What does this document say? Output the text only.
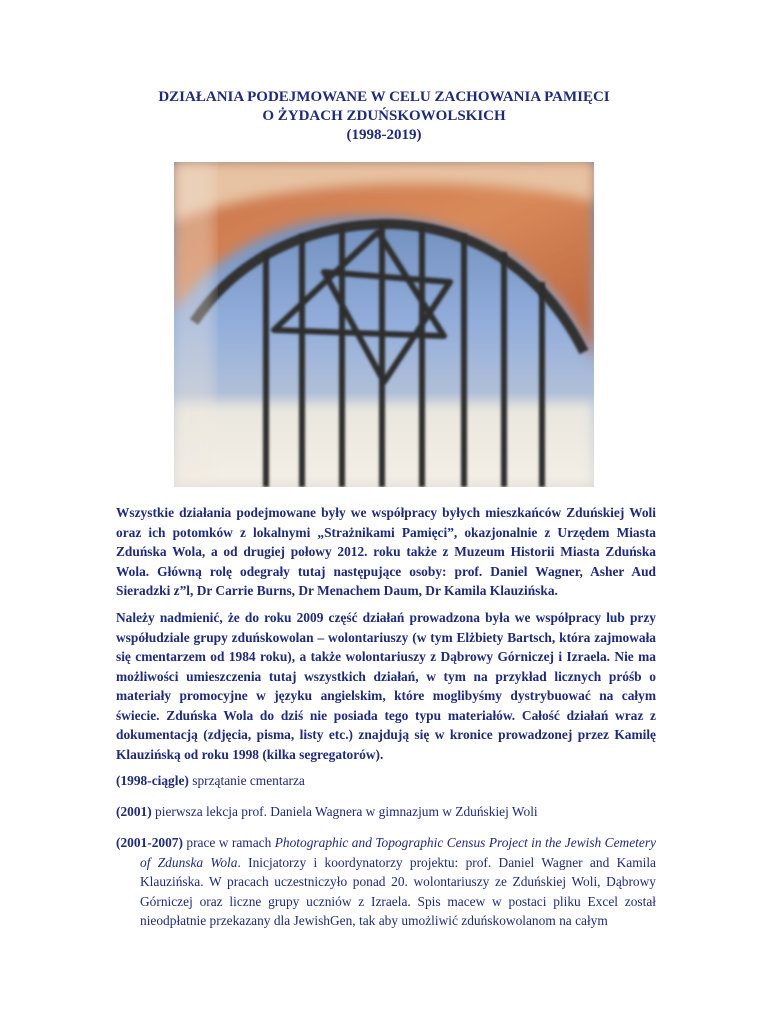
DZIAŁANIA PODEJMOWANE W CELU ZACHOWANIA PAMIĘCI
O ŻYDACH ZDUŃSKOWOLSKICH
(1998-2019)
Wszystkie działania podejmowane były we współpracy byłych mieszkańców Zduńskiej Woli oraz ich potomków z lokalnymi „Strażnikami Pamięci”, okazjonalnie z Urzędem Miasta Zduńska Wola, a od drugiej połowy 2012. roku także z Muzeum Historii Miasta Zduńska Wola. Główną rolę odegrały tutaj następujące osoby: prof. Daniel Wagner, Asher Aud Sieradzki z”l, Dr Carrie Burns, Dr Menachem Daum, Dr Kamila Klauzińska.
Należy nadmienić, że do roku 2009 część działań prowadzona była we współpracy lub przy współudziale grupy zduńskowolan – wolontariuszy (w tym Elżbiety Bartsch, która zajmowała się cmentarzem od 1984 roku), a także wolontariuszy z Dąbrowy Górniczej i Izraela. Nie ma możliwości umieszczenia tutaj wszystkich działań, w tym na przykład licznych próśb o materiały promocyjne w języku angielskim, które moglibyśmy dystrybuować na całym świecie. Zduńska Wola do dziś nie posiada tego typu materiałów. Całość działań wraz z dokumentacją (zdjęcia, pisma, listy etc.) znajdują się w kronice prowadzonej przez Kamilę Klauzińską od roku 1998 (kilka segregatorów).
(1998-ciągle) sprzątanie cmentarza
(2001) pierwsza lekcja prof. Daniela Wagnera w gimnazjum w Zduńskiej Woli
(2001-2007) prace w ramach Photographic and Topographic Census Project in the Jewish Cemetery of Zdunska Wola. Inicjatorzy i koordynatorzy projektu: prof. Daniel Wagner and Kamila Klauzińska. W pracach uczestniczyło ponad 20. wolontariuszy ze Zduńskiej Woli, Dąbrowy Górniczej oraz liczne grupy uczniów z Izraela. Spis macew w postaci pliku Excel został nieodpłatnie przekazany dla JewishGen, tak aby umożliwić zduńskowolanom na całym
